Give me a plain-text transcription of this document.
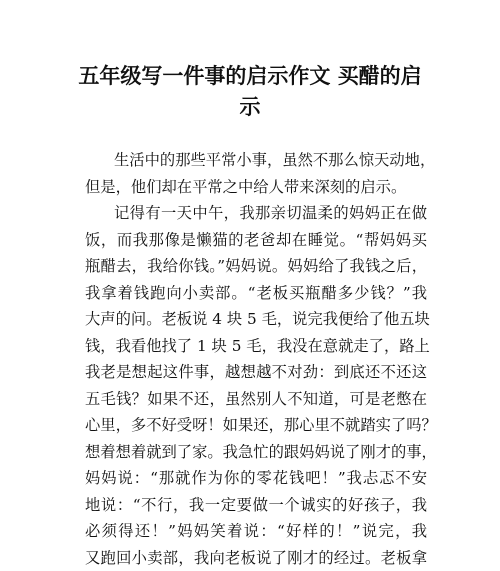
五年级写一件事的启示作文 买醋的启
示
生活中的那些平常小事，虽然不那么惊天动地，
但是，他们却在平常之中给人带来深刻的启示。
记得有一天中午，我那亲切温柔的妈妈正在做
饭，而我那像是懒猫的老爸却在睡觉。“帮妈妈买
瓶醋去，我给你钱。”妈妈说。妈妈给了我钱之后，
我拿着钱跑向小卖部。“老板买瓶醋多少钱？”我
大声的问。老板说 4 块 5 毛，说完我便给了他五块
钱，我看他找了 1 块 5 毛，我没在意就走了，路上
我老是想起这件事，越想越不对劲：到底还不还这
五毛钱？如果不还，虽然别人不知道，可是老憋在
心里，多不好受呀！如果还，那心里不就踏实了吗？
想着想着就到了家。我急忙的跟妈妈说了刚才的事，
妈妈说：“那就作为你的零花钱吧！”我忐忑不安
地说：“不行，我一定要做一个诚实的好孩子，我
必须得还！”妈妈笑着说：“好样的！”说完，我
又跑回小卖部，我向老板说了刚才的经过。老板拿
